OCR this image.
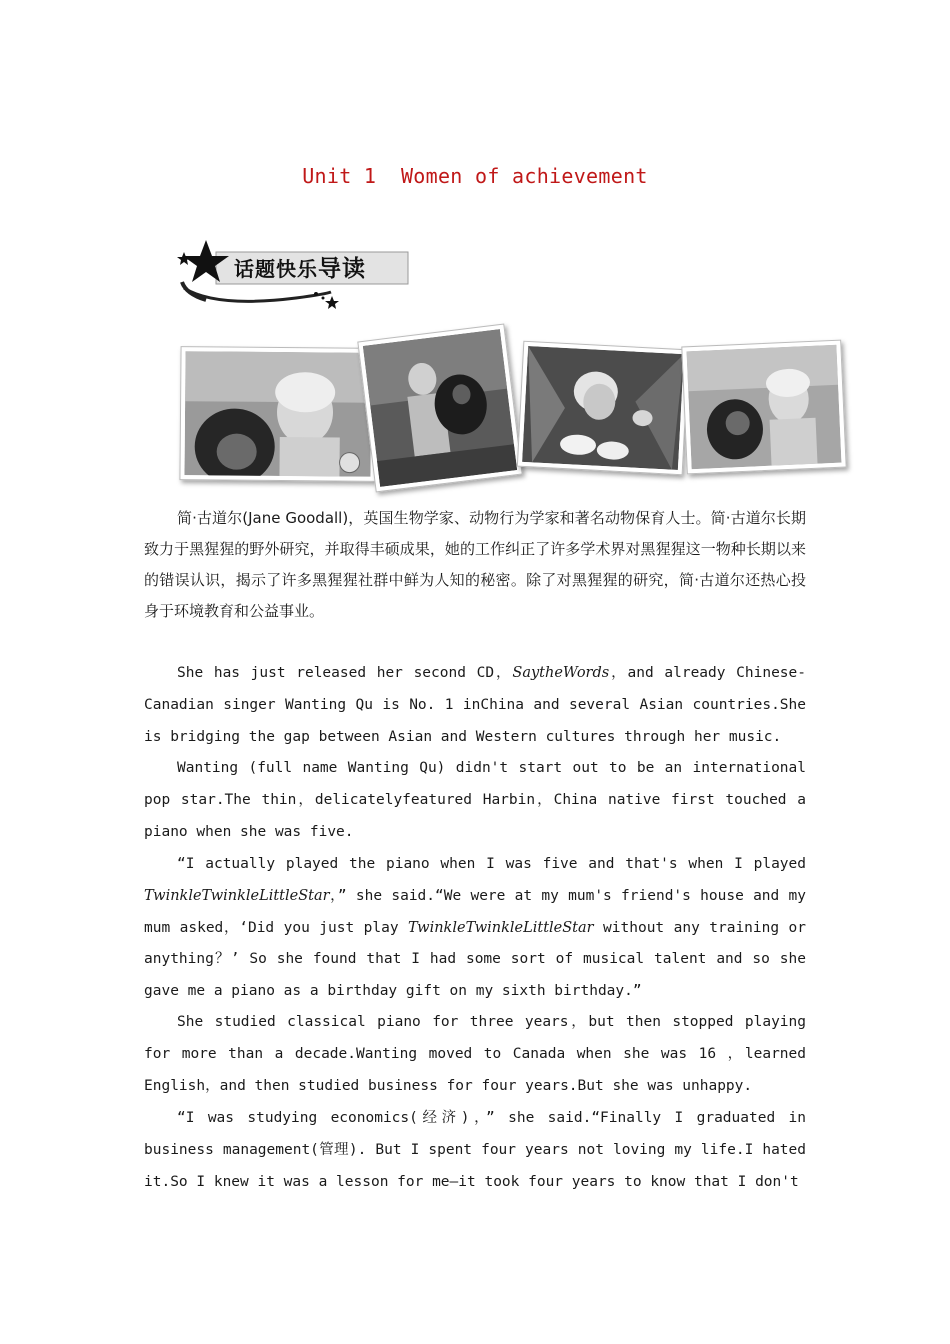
Unit 1  Women of achievement
话题快乐导读

简·古道尔(Jane Goodall)，英国生物学家、动物行为学家和著名动物保育人士。简·古道尔长期致力于黑猩猩的野外研究，并取得丰硕成果，她的工作纠正了许多学术界对黑猩猩这一物种长期以来的错误认识，揭示了许多黑猩猩社群中鲜为人知的秘密。除了对黑猩猩的研究，简·古道尔还热心投身于环境教育和公益事业。

She has just released her second CD，SaytheWords，and already Chinese-Canadian singer Wanting Qu is No. 1 inChina and several Asian countries.She is bridging the gap between Asian and Western cultures through her music.

Wanting (full name Wanting Qu) didn't start out to be an international pop star.The thin，delicatelyfeatured Harbin，China native first touched a piano when she was five.

“I actually played the piano when I was five and that's when I played TwinkleTwinkleLittleStar，” she said.“We were at my mum's friend's house and my mum asked，‘Did you just play TwinkleTwinkleLittleStar without any training or anything？’ So she found that I had some sort of musical talent and so she gave me a piano as a birthday gift on my sixth birthday.”

She studied classical piano for three years，but then stopped playing for more than a decade.Wanting moved to Canada when she was 16 ，learned English，and then studied business for four years.But she was unhappy.

“I was studying economics(经济)，” she said.“Finally I graduated in business management(管理). But I spent four years not loving my life.I hated it.So I knew it was a lesson for me—it took four years to know that I don't
